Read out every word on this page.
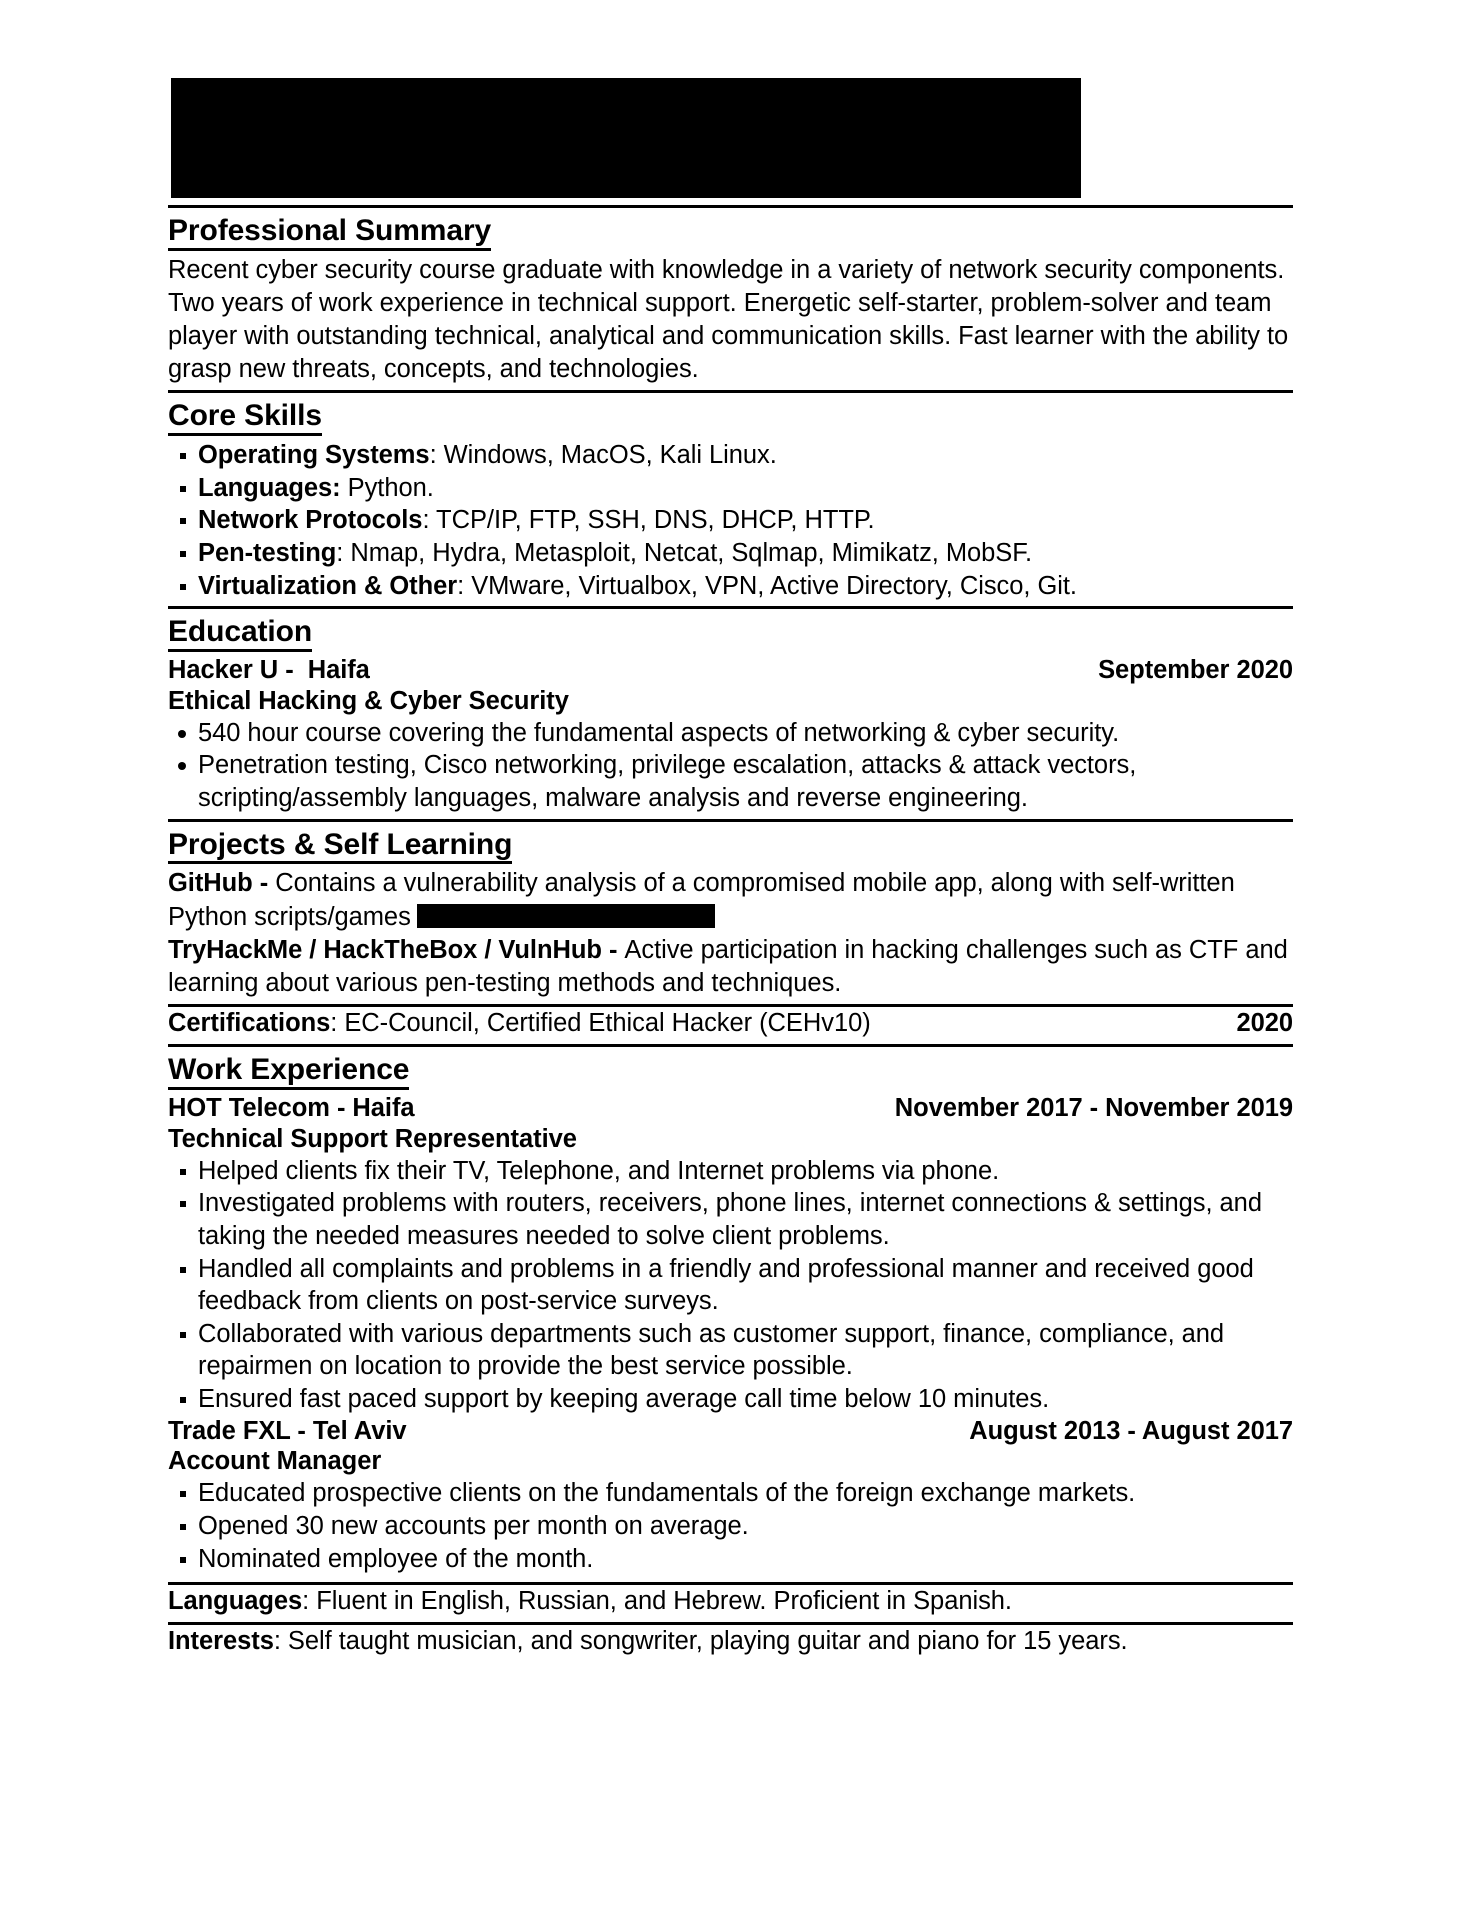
Professional Summary

Recent cyber security course graduate with knowledge in a variety of network security components. Two years of work experience in technical support. Energetic self-starter, problem-solver and team player with outstanding technical, analytical and communication skills. Fast learner with the ability to grasp new threats, concepts, and technologies.

Core Skills
Operating Systems: Windows, MacOS, Kali Linux.
Languages: Python.
Network Protocols: TCP/IP, FTP, SSH, DNS, DHCP, HTTP.
Pen-testing: Nmap, Hydra, Metasploit, Netcat, Sqlmap, Mimikatz, MobSF.
Virtualization & Other: VMware, Virtualbox, VPN, Active Directory, Cisco, Git.
Education
Hacker U -  Haifa	September 2020
Ethical Hacking & Cyber Security
540 hour course covering the fundamental aspects of networking & cyber security.
Penetration testing, Cisco networking, privilege escalation, attacks & attack vectors, scripting/assembly languages, malware analysis and reverse engineering.
Projects & Self Learning

GitHub - Contains a vulnerability analysis of a compromised mobile app, along with self-written Python scripts/games

TryHackMe / HackTheBox / VulnHub - Active participation in hacking challenges such as CTF and learning about various pen-testing methods and techniques.

Certifications: EC-Council, Certified Ethical Hacker (CEHv10)	2020
Work Experience
HOT Telecom - Haifa	November 2017 - November 2019
Technical Support Representative
Helped clients fix their TV, Telephone, and Internet problems via phone.
Investigated problems with routers, receivers, phone lines, internet connections & settings, and taking the needed measures needed to solve client problems.
Handled all complaints and problems in a friendly and professional manner and received good feedback from clients on post-service surveys.
Collaborated with various departments such as customer support, finance, compliance, and repairmen on location to provide the best service possible.
Ensured fast paced support by keeping average call time below 10 minutes.
Trade FXL - Tel Aviv	August 2013 - August 2017
Account Manager
Educated prospective clients on the fundamentals of the foreign exchange markets.
Opened 30 new accounts per month on average.
Nominated employee of the month.
Languages: Fluent in English, Russian, and Hebrew. Proficient in Spanish.
Interests: Self taught musician, and songwriter, playing guitar and piano for 15 years.
